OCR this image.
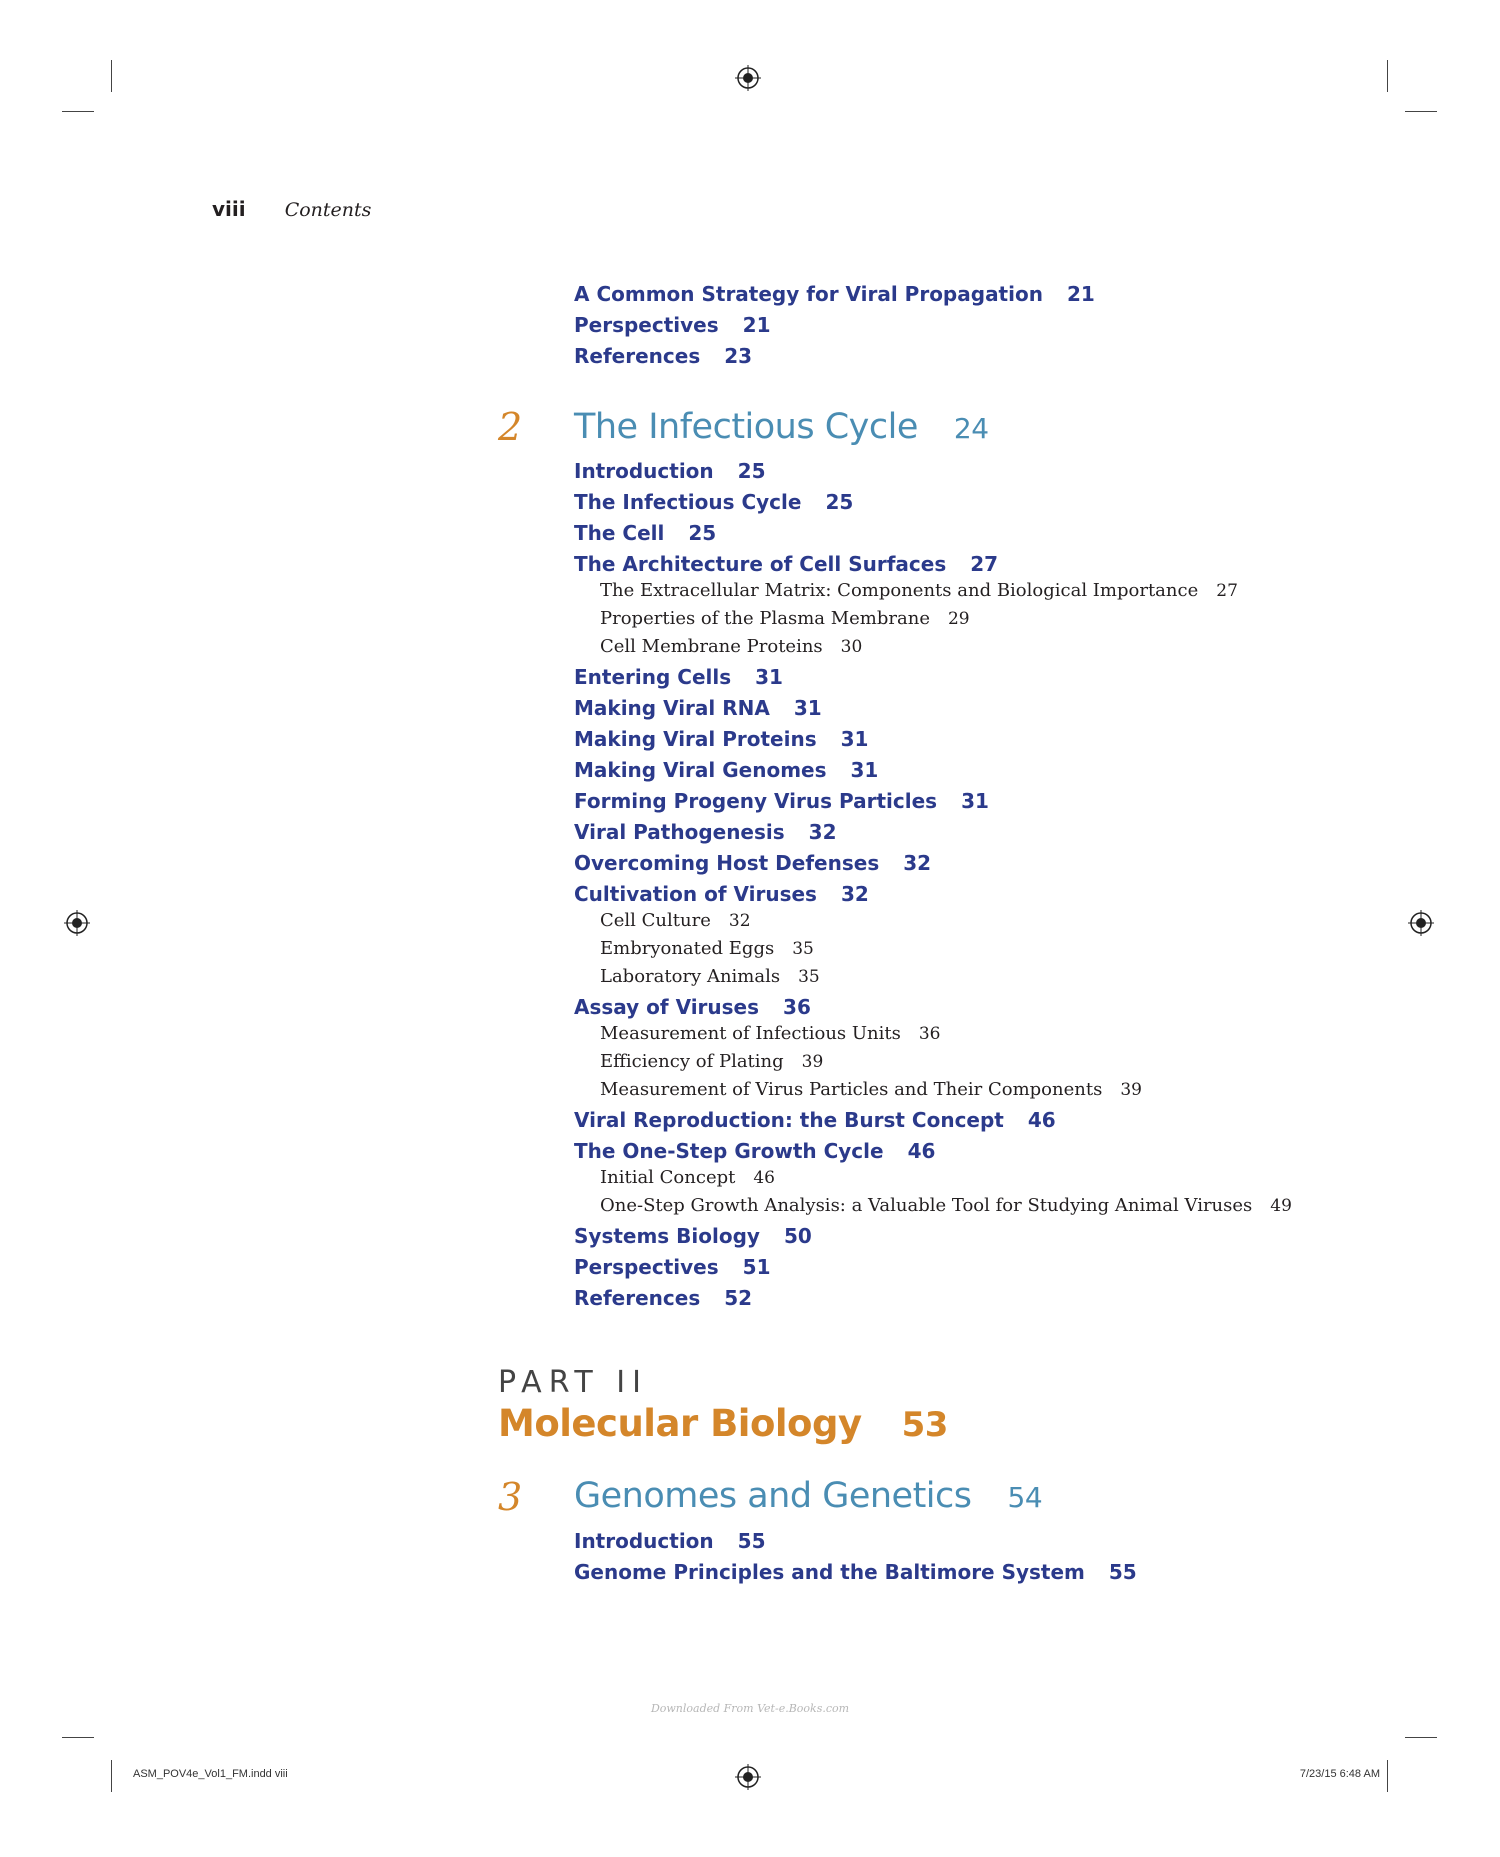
viii Contents
A Common Strategy for Viral Propagation 21
Perspectives 21
References 23
2 The Infectious Cycle 24
Introduction 25
The Infectious Cycle 25
The Cell 25
The Architecture of Cell Surfaces 27
The Extracellular Matrix: Components and Biological Importance 27
Properties of the Plasma Membrane 29
Cell Membrane Proteins 30
Entering Cells 31
Making Viral RNA 31
Making Viral Proteins 31
Making Viral Genomes 31
Forming Progeny Virus Particles 31
Viral Pathogenesis 32
Overcoming Host Defenses 32
Cultivation of Viruses 32
Cell Culture 32
Embryonated Eggs 35
Laboratory Animals 35
Assay of Viruses 36
Measurement of Infectious Units 36
Efficiency of Plating 39
Measurement of Virus Particles and Their Components 39
Viral Reproduction: the Burst Concept 46
The One-Step Growth Cycle 46
Initial Concept 46
One-Step Growth Analysis: a Valuable Tool for Studying Animal Viruses 49
Systems Biology 50
Perspectives 51
References 52
PART II
Molecular Biology 53
3 Genomes and Genetics 54
Introduction 55
Genome Principles and the Baltimore System 55
Downloaded From Vet-e.Books.com
ASM_POV4e_Vol1_FM.indd viii	7/23/15 6:48 AM
